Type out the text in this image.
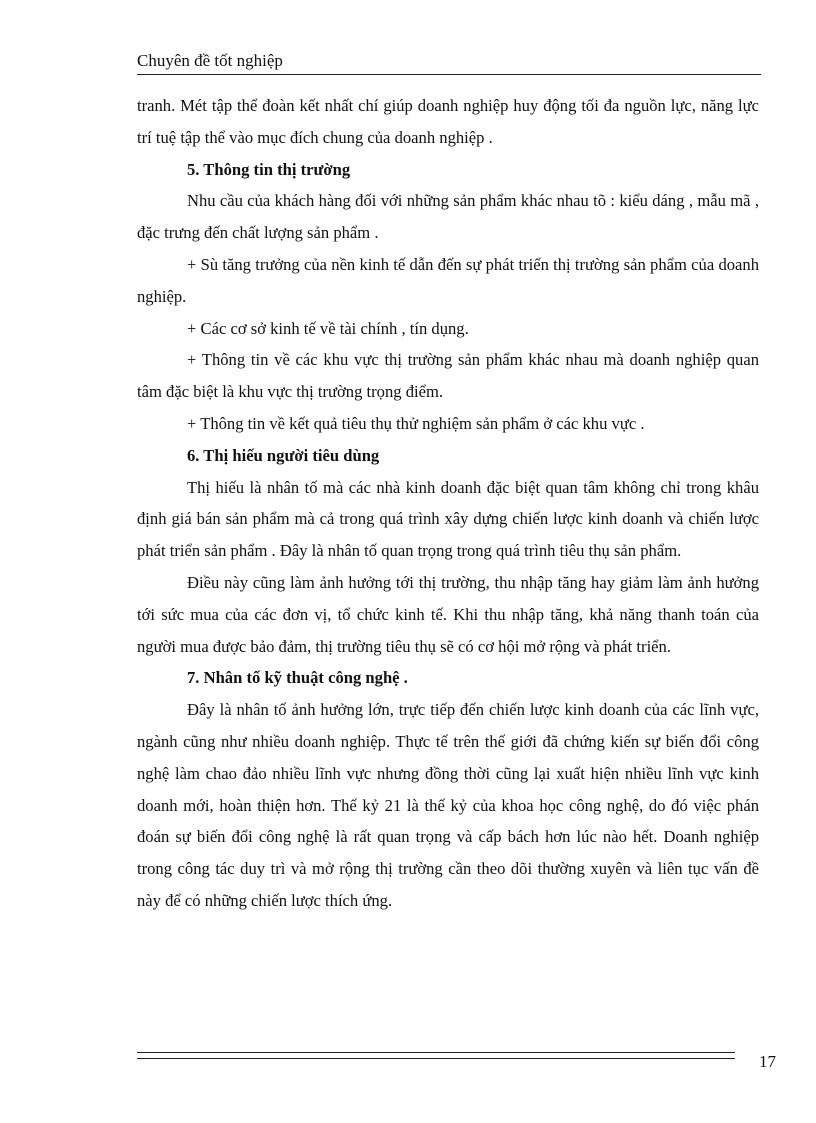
Chuyên đề tốt nghiệp

tranh. Mét tập thể đoàn kết nhất chí giúp doanh nghiệp huy động tối đa nguồn lực, năng lực trí tuệ tập thể vào mục đích chung của doanh nghiệp .

5. Thông tin thị trường

Nhu cầu của khách hàng đối với những sản phẩm khác nhau tõ : kiểu dáng , mẫu mã , đặc trưng đến chất lượng sản phẩm .

+ Sù tăng trưởng của nền kinh tế dẫn đến sự phát triển thị trường sản phẩm của doanh nghiệp.

+ Các cơ sở kinh tế về tài chính , tín dụng.

+ Thông tin về các khu vực thị trường sản phẩm khác nhau mà doanh nghiệp quan tâm đặc biệt là khu vực thị trường trọng điểm.

+ Thông tin về kết quả tiêu thụ thử nghiệm sản phẩm ở các khu vực .

6. Thị hiếu người tiêu dùng

Thị hiếu là nhân tố mà các nhà kinh doanh đặc biệt quan tâm không chỉ trong khâu định giá bán sản phẩm mà cả trong quá trình xây dựng chiến lược kinh doanh và chiến lược phát triển sản phẩm . Đây là nhân tố quan trọng trong quá trình tiêu thụ sản phẩm.

Điều này cũng làm ảnh hưởng tới thị trường, thu nhập tăng hay giảm làm ảnh hưởng tới sức mua của các đơn vị, tổ chức kinh tế. Khi thu nhập tăng, khả năng thanh toán của người mua được bảo đảm, thị trường tiêu thụ sẽ có cơ hội mở rộng và phát triển.

7. Nhân tố kỹ thuật công nghệ .

Đây là nhân tố ảnh hưởng lớn, trực tiếp đến chiến lược kinh doanh của các lĩnh vực, ngành cũng như nhiều doanh nghiệp. Thực tế trên thế giới đã chứng kiến sự biến đổi công nghệ làm chao đảo nhiều lĩnh vực nhưng đồng thời cũng lại xuất hiện nhiều lĩnh vực kinh doanh mới, hoàn thiện hơn. Thế kỷ 21 là thế kỷ của khoa học công nghệ, do đó việc phán đoán sự biến đổi công nghệ là rất quan trọng và cấp bách hơn lúc nào hết. Doanh nghiệp trong công tác duy trì và mở rộng thị trường cần theo dõi thường xuyên và liên tục vấn đề này để có những chiến lược thích ứng.

17
